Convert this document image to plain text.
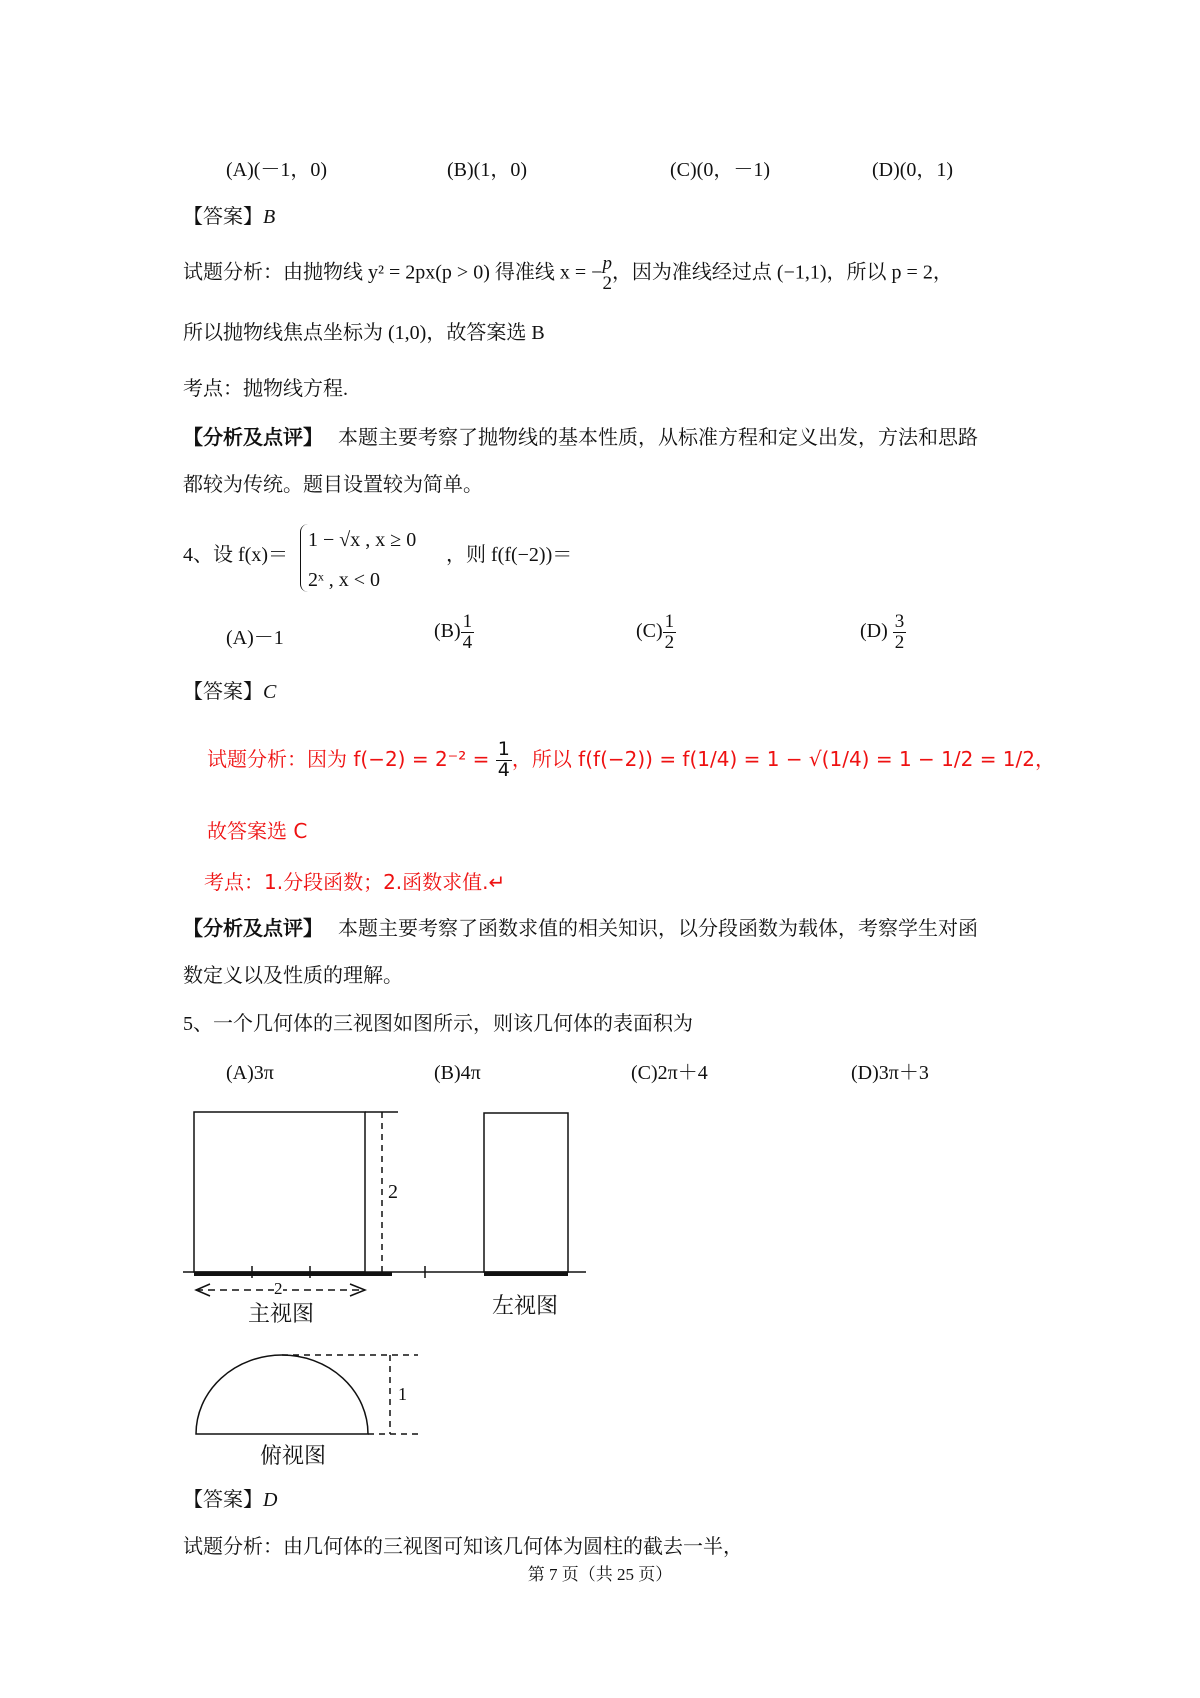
(A)(－1，0)	(B)(1，0)	(C)(0，－1)	(D)(0，1)
【答案】B
试题分析：由抛物线 y² = 2px(p > 0) 得准线 x = − p
2 ，因为准线经过点 (−1,1)，所以 p = 2，
所以抛物线焦点坐标为 (1,0)，故答案选 B
考点：抛物线方程.
【分析及点评】 本题主要考察了抛物线的基本性质，从标准方程和定义出发，方法和思路
都较为传统。题目设置较为简单。
4、设 f(x)＝
1 − √x , x ≥ 0
2ˣ , x < 0
，则 f(f(−2))＝
(A)－1	$(B) \frac{1}{4}$	$(C) \frac{1}{2}$	$(D) \frac{3}{2}$
【答案】C
试题分析：因为 $f(-2) = 2^{-2} = \frac{1}{4}$ ，所以 f(f(−2)) = f(1/4) = 1 − √(1/4) = 1 − 1/2 = 1/2，
故答案选 C
考点：1.分段函数；2.函数求值.↵
【分析及点评】 本题主要考察了函数求值的相关知识，以分段函数为载体，考察学生对函
数定义以及性质的理解。
5、一个几何体的三视图如图所示，则该几何体的表面积为
(A)3π	(B)4π	(C)2π＋4	(D)3π＋3
2
2
1
主视图	左视图
俯视图
【答案】D
试题分析：由几何体的三视图可知该几何体为圆柱的截去一半，
第 7 页（共 25 页）
